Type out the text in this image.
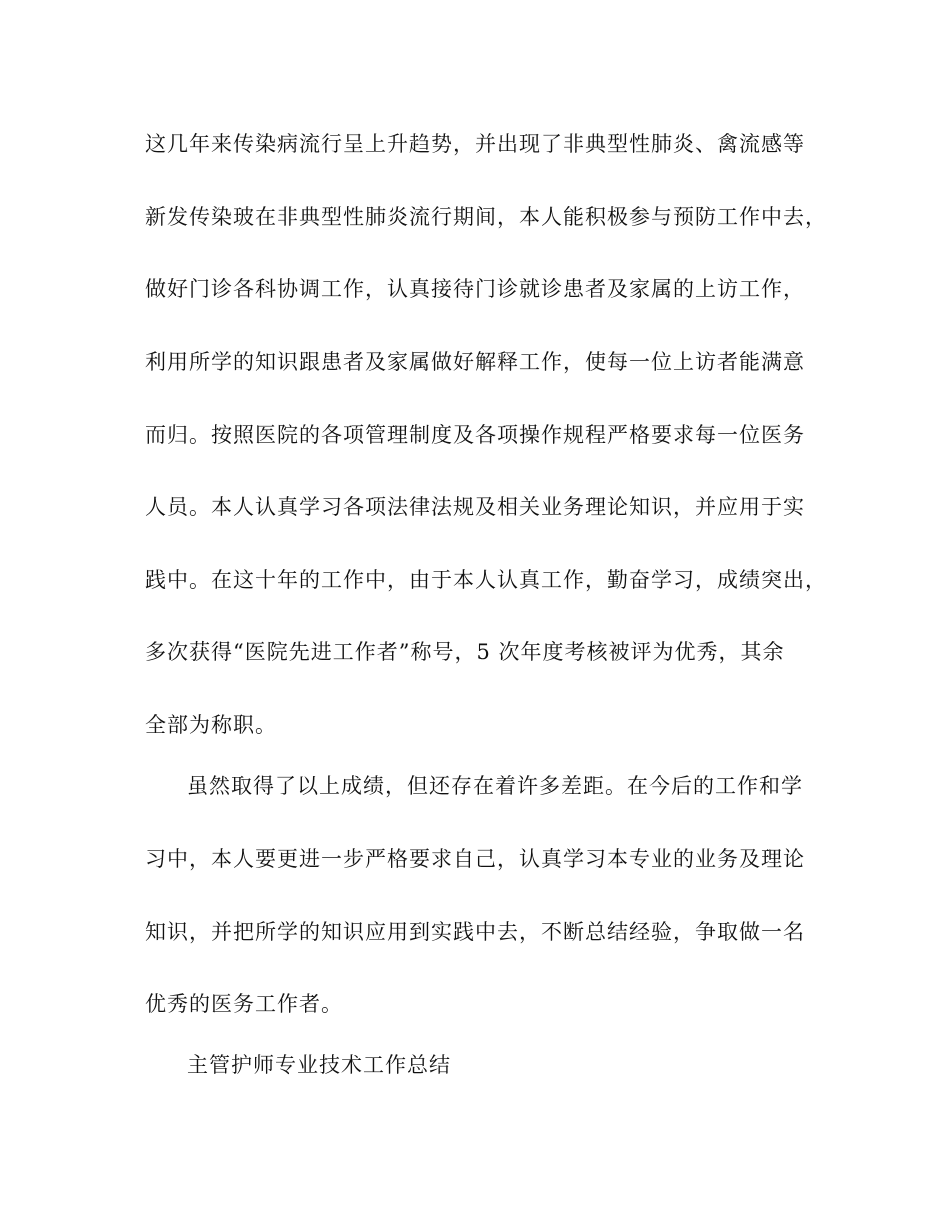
这几年来传染病流行呈上升趋势，并出现了非典型性肺炎、禽流感等

新发传染玻在非典型性肺炎流行期间，本人能积极参与预防工作中去，

做好门诊各科协调工作，认真接待门诊就诊患者及家属的上访工作，

利用所学的知识跟患者及家属做好解释工作，使每一位上访者能满意

而归。按照医院的各项管理制度及各项操作规程严格要求每一位医务

人员。本人认真学习各项法律法规及相关业务理论知识，并应用于实

践中。在这十年的工作中，由于本人认真工作，勤奋学习，成绩突出，

多次获得“医院先进工作者”称号，5 次年度考核被评为优秀，其余

全部为称职。

虽然取得了以上成绩，但还存在着许多差距。在今后的工作和学

习中，本人要更进一步严格要求自己，认真学习本专业的业务及理论

知识，并把所学的知识应用到实践中去，不断总结经验，争取做一名

优秀的医务工作者。

主管护师专业技术工作总结
